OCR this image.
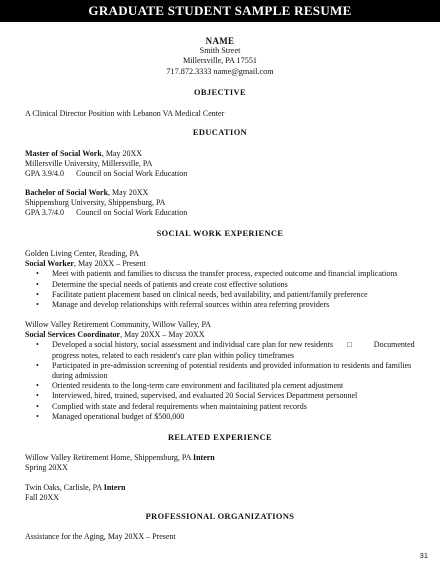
GRADUATE STUDENT SAMPLE RESUME
NAME
Smith Street
Millersville, PA 17551
717.872.3333 name@gmail.com
OBJECTIVE
A Clinical Director Position with Lebanon VA Medical Center
EDUCATION
Master of Social Work, May 20XX
Millersville University, Millersville, PA
GPA 3.9/4.0 Council on Social Work Education
Bachelor of Social Work, May 20XX
Shippensburg University, Shippensburg, PA
GPA 3.7/4.0 Council on Social Work Education
SOCIAL WORK EXPERIENCE
Golden Living Center, Reading, PA
Social Worker, May 20XX – Present
• Meet with patients and families to discuss the transfer process, expected outcome and financial implications
• Determine the special needs of patients and create cost effective solutions
• Facilitate patient placement based on clinical needs, bed availability, and patient/family preference
• Manage and develop relationships with referral sources within area referring providers
Willow Valley Retirement Community, Willow Valley, PA
Social Services Coordinator, May 20XX – May 20XX
• Developed a social history, social assessment and individual care plan for new residents □	Documented
progress notes, related to each resident's care plan within policy timeframes
• Participated in pre-admission screening of potential residents and provided information to residents and families during admission
• Oriented residents to the long-term care environment and facilitated pla cement adjustment
• Interviewed, hired, trained, supervised, and evaluated 20 Social Services Department personnel
• Complied with state and federal requirements when maintaining patient records
• Managed operational budget of $500,000
RELATED EXPERIENCE
Willow Valley Retirement Home, Shippensburg, PA Intern
Spring 20XX
Twin Oaks, Carlisle, PA Intern
Fall 20XX
PROFESSIONAL ORGANIZATIONS
Assistance for the Aging, May 20XX – Present
31
